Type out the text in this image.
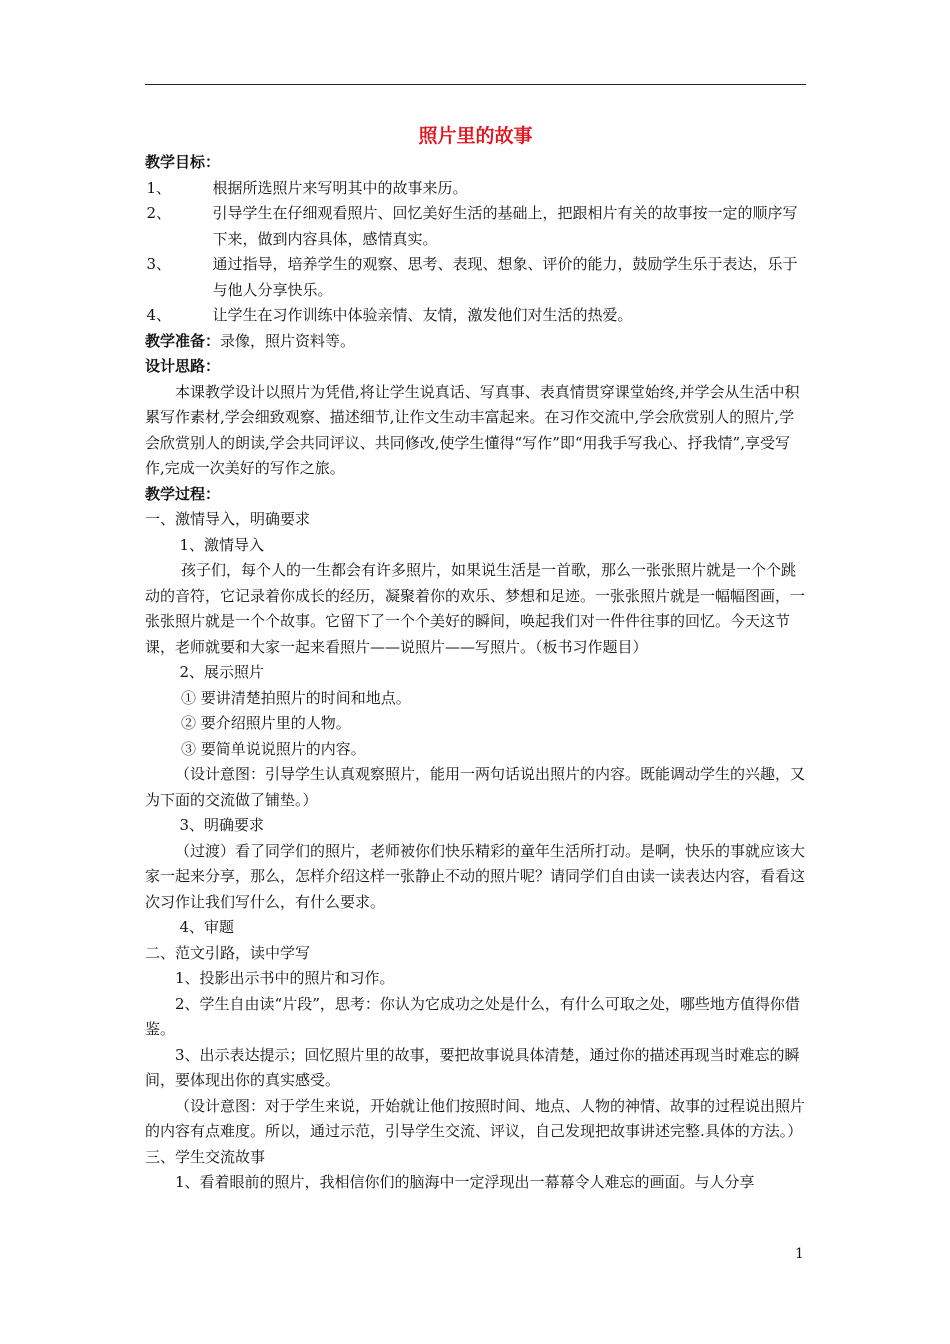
照片里的故事

教学目标：

1、	根据所选照片来写明其中的故事来历。

2、	引导学生在仔细观看照片、回忆美好生活的基础上，把跟相片有关的故事按一定的顺序写下来，做到内容具体，感情真实。

3、	通过指导，培养学生的观察、思考、表现、想象、评价的能力，鼓励学生乐于表达，乐于与他人分享快乐。

4、	让学生在习作训练中体验亲情、友情，激发他们对生活的热爱。

教学准备：录像，照片资料等。

设计思路：

本课教学设计以照片为凭借,将让学生说真话、写真事、表真情贯穿课堂始终,并学会从生活中积累写作素材,学会细致观察、描述细节,让作文生动丰富起来。在习作交流中,学会欣赏别人的照片,学会欣赏别人的朗读,学会共同评议、共同修改,使学生懂得“写作”即“用我手写我心、抒我情”,享受写作,完成一次美好的写作之旅。

教学过程：

一、激情导入，明确要求

1、激情导入

孩子们，每个人的一生都会有许多照片，如果说生活是一首歌，那么一张张照片就是一个个跳动的音符，它记录着你成长的经历，凝聚着你的欢乐、梦想和足迹。一张张照片就是一幅幅图画，一张张照片就是一个个故事。它留下了一个个美好的瞬间，唤起我们对一件件往事的回忆。今天这节课，老师就要和大家一起来看照片——说照片——写照片。（板书习作题目）

2、展示照片

① 要讲清楚拍照片的时间和地点。

② 要介绍照片里的人物。

③ 要简单说说照片的内容。

（设计意图：引导学生认真观察照片，能用一两句话说出照片的内容。既能调动学生的兴趣，又为下面的交流做了铺垫。）

3、明确要求

（过渡）看了同学们的照片，老师被你们快乐精彩的童年生活所打动。是啊，快乐的事就应该大家一起来分享，那么，怎样介绍这样一张静止不动的照片呢？请同学们自由读一读表达内容，看看这次习作让我们写什么，有什么要求。

4、审题

二、范文引路，读中学写

1、投影出示书中的照片和习作。

2、学生自由读“片段”，思考：你认为它成功之处是什么，有什么可取之处，哪些地方值得你借鉴。

3、出示表达提示；回忆照片里的故事，要把故事说具体清楚，通过你的描述再现当时难忘的瞬间，要体现出你的真实感受。

（设计意图：对于学生来说，开始就让他们按照时间、地点、人物的神情、故事的过程说出照片的内容有点难度。所以，通过示范，引导学生交流、评议，自己发现把故事讲述完整.具体的方法。）

三、学生交流故事

1、看着眼前的照片，我相信你们的脑海中一定浮现出一幕幕令人难忘的画面。与人分享

1
